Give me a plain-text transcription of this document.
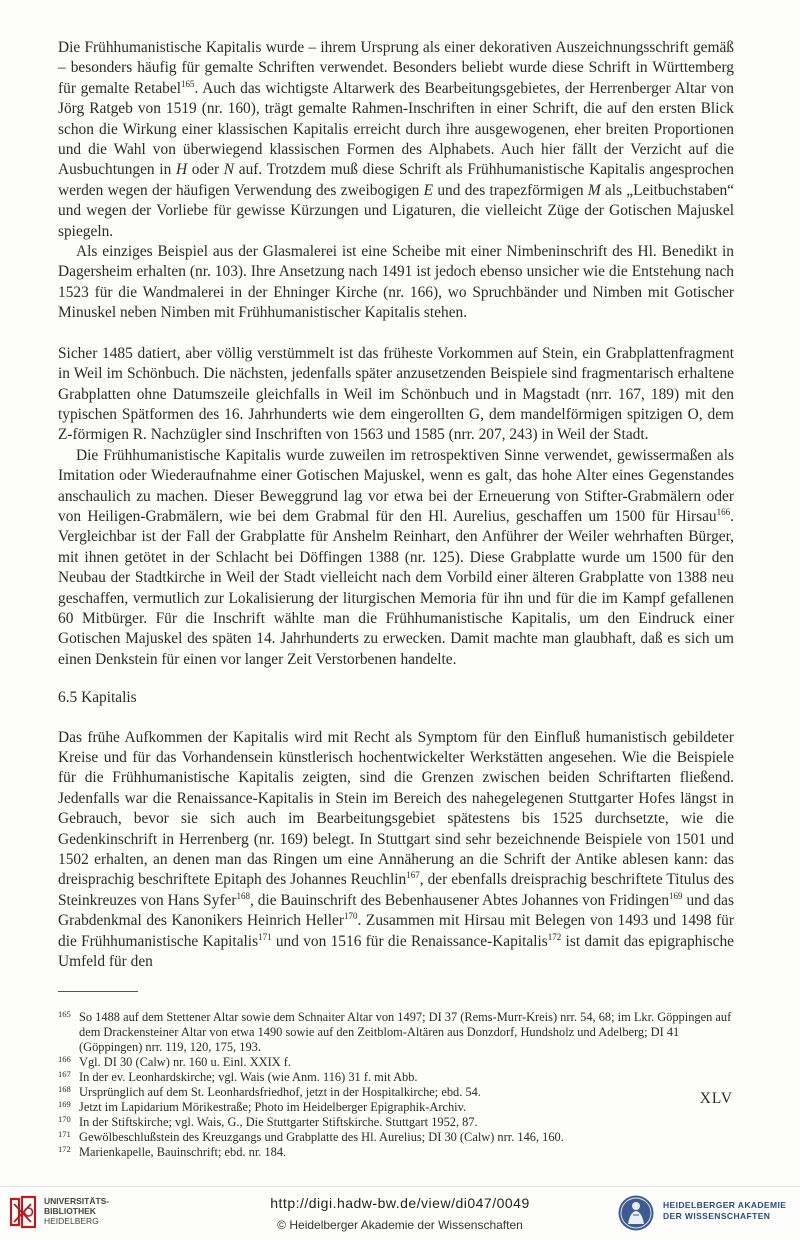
Die Frühhumanistische Kapitalis wurde – ihrem Ursprung als einer dekorativen Auszeichnungsschrift gemäß – besonders häufig für gemalte Schriften verwendet. Besonders beliebt wurde diese Schrift in Württemberg für gemalte Retabel$^{165}$. Auch das wichtigste Altarwerk des Bearbeitungsgebietes, der Herrenberger Altar von Jörg Ratgeb von 1519 (nr. 160), trägt gemalte Rahmen-Inschriften in einer Schrift, die auf den ersten Blick schon die Wirkung einer klassischen Kapitalis erreicht durch ihre ausgewogenen, eher breiten Proportionen und die Wahl von überwiegend klassischen Formen des Alphabets. Auch hier fällt der Verzicht auf die Ausbuchtungen in H oder N auf. Trotzdem muß diese Schrift als Frühhumanistische Kapitalis angesprochen werden wegen der häufigen Verwendung des zweibogigen E und des trapezförmigen M als „Leitbuchstaben“ und wegen der Vorliebe für gewisse Kürzungen und Ligaturen, die vielleicht Züge der Gotischen Majuskel spiegeln.

Als einziges Beispiel aus der Glasmalerei ist eine Scheibe mit einer Nimbeninschrift des Hl. Benedikt in Dagersheim erhalten (nr. 103). Ihre Ansetzung nach 1491 ist jedoch ebenso unsicher wie die Entstehung nach 1523 für die Wandmalerei in der Ehninger Kirche (nr. 166), wo Spruchbänder und Nimben mit Gotischer Minuskel neben Nimben mit Frühhumanistischer Kapitalis stehen.

Sicher 1485 datiert, aber völlig verstümmelt ist das früheste Vorkommen auf Stein, ein Grabplattenfragment in Weil im Schönbuch. Die nächsten, jedenfalls später anzusetzenden Beispiele sind fragmentarisch erhaltene Grabplatten ohne Datumszeile gleichfalls in Weil im Schönbuch und in Magstadt (nrr. 167, 189) mit den typischen Spätformen des 16. Jahrhunderts wie dem eingerollten G, dem mandelförmigen spitzigen O, dem Z-förmigen R. Nachzügler sind Inschriften von 1563 und 1585 (nrr. 207, 243) in Weil der Stadt.

Die Frühhumanistische Kapitalis wurde zuweilen im retrospektiven Sinne verwendet, gewissermaßen als Imitation oder Wiederaufnahme einer Gotischen Majuskel, wenn es galt, das hohe Alter eines Gegenstandes anschaulich zu machen. Dieser Beweggrund lag vor etwa bei der Erneuerung von Stifter-Grabmälern oder von Heiligen-Grabmälern, wie bei dem Grabmal für den Hl. Aurelius, geschaffen um 1500 für Hirsau$^{166}$. Vergleichbar ist der Fall der Grabplatte für Anshelm Reinhart, den Anführer der Weiler wehrhaften Bürger, mit ihnen getötet in der Schlacht bei Döffingen 1388 (nr. 125). Diese Grabplatte wurde um 1500 für den Neubau der Stadtkirche in Weil der Stadt vielleicht nach dem Vorbild einer älteren Grabplatte von 1388 neu geschaffen, vermutlich zur Lokalisierung der liturgischen Memoria für ihn und für die im Kampf gefallenen 60 Mitbürger. Für die Inschrift wählte man die Frühhumanistische Kapitalis, um den Eindruck einer Gotischen Majuskel des späten 14. Jahrhunderts zu erwecken. Damit machte man glaubhaft, daß es sich um einen Denkstein für einen vor langer Zeit Verstorbenen handelte.

6.5 Kapitalis

Das frühe Aufkommen der Kapitalis wird mit Recht als Symptom für den Einfluß humanistisch gebildeter Kreise und für das Vorhandensein künstlerisch hochentwickelter Werkstätten angesehen. Wie die Beispiele für die Frühhumanistische Kapitalis zeigten, sind die Grenzen zwischen beiden Schriftarten fließend. Jedenfalls war die Renaissance-Kapitalis in Stein im Bereich des nahegelegenen Stuttgarter Hofes längst in Gebrauch, bevor sie sich auch im Bearbeitungsgebiet spätestens bis 1525 durchsetzte, wie die Gedenkinschrift in Herrenberg (nr. 169) belegt. In Stuttgart sind sehr bezeichnende Beispiele von 1501 und 1502 erhalten, an denen man das Ringen um eine Annäherung an die Schrift der Antike ablesen kann: das dreisprachig beschriftete Epitaph des Johannes Reuchlin$^{167}$, der ebenfalls dreisprachig beschriftete Titulus des Steinkreuzes von Hans Syfer$^{168}$, die Bauinschrift des Bebenhausener Abtes Johannes von Fridingen$^{169}$ und das Grabdenkmal des Kanonikers Heinrich Heller$^{170}$. Zusammen mit Hirsau mit Belegen von 1493 und 1498 für die Frühhumanistische Kapitalis$^{171}$ und von 1516 für die Renaissance-Kapitalis$^{172}$ ist damit das epigraphische Umfeld für den

165 So 1488 auf dem Stettener Altar sowie dem Schnaiter Altar von 1497; DI 37 (Rems-Murr-Kreis) nrr. 54, 68; im Lkr. Göppingen auf dem Drackensteiner Altar von etwa 1490 sowie auf den Zeitblom-Altären aus Donzdorf, Hundsholz und Adelberg; DI 41 (Göppingen) nrr. 119, 120, 175, 193.
166 Vgl. DI 30 (Calw) nr. 160 u. Einl. XXIX f.
167 In der ev. Leonhardskirche; vgl. Wais (wie Anm. 116) 31 f. mit Abb.
168 Ursprünglich auf dem St. Leonhardsfriedhof, jetzt in der Hospitalkirche; ebd. 54.
169 Jetzt im Lapidarium Mörikestraße; Photo im Heidelberger Epigraphik-Archiv.
170 In der Stiftskirche; vgl. Wais, G., Die Stuttgarter Stiftskirche. Stuttgart 1952, 87.
171 Gewölbeschlußstein des Kreuzgangs und Grabplatte des Hl. Aurelius; DI 30 (Calw) nrr. 146, 160.
172 Marienkapelle, Bauinschrift; ebd. nr. 184.
XLV
UNIVERSITÄTS-
BIBLIOTHEK
HEIDELBERG
http://digi.hadw-bw.de/view/di047/0049
© Heidelberger Akademie der Wissenschaften
HEIDELBERGER AKADEMIE
DER WISSENSCHAFTEN
